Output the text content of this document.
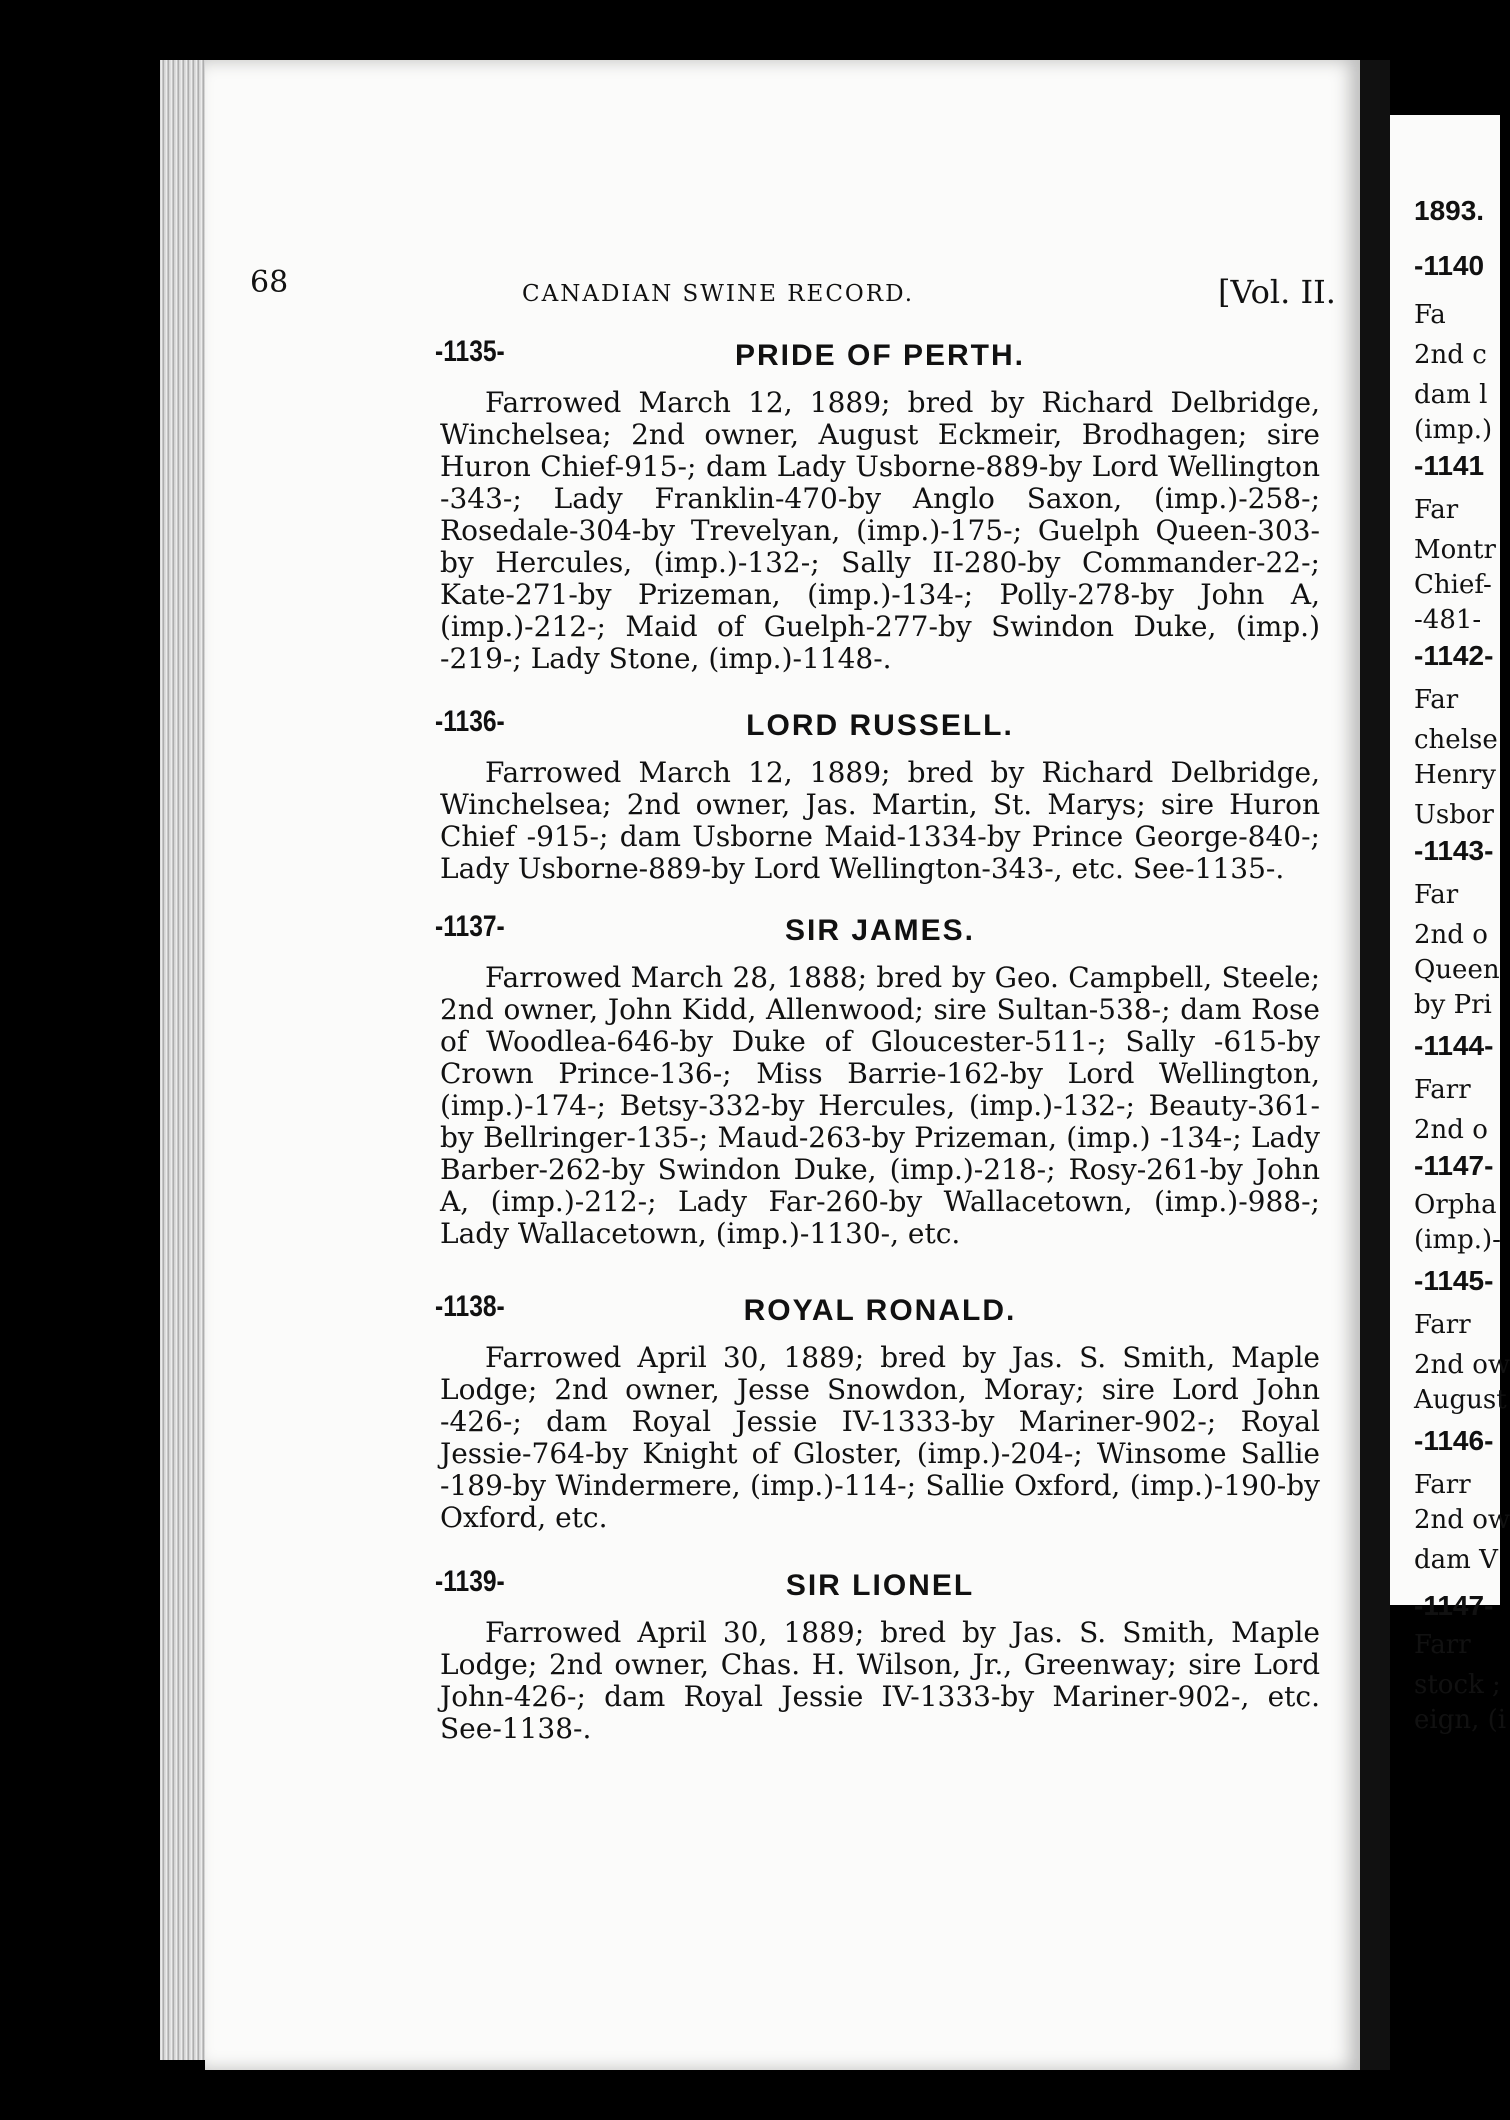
68	CANADIAN SWINE RECORD.	[Vol. II.
-1135-	PRIDE OF PERTH.

Farrowed March 12, 1889; bred by Richard Delbridge, Winchelsea; 2nd owner, August Eckmeir, Brodhagen; sire Huron Chief-915-; dam Lady Usborne-889-by Lord Wellington -343-; Lady Franklin-470-by Anglo Saxon, (imp.)-258-; Rosedale-304-by Trevelyan, (imp.)-175-; Guelph Queen-303-by Hercules, (imp.)-132-; Sally II-280-by Commander-22-; Kate-271-by Prizeman, (imp.)-134-; Polly-278-by John A, (imp.)-212-; Maid of Guelph-277-by Swindon Duke, (imp.) -219-; Lady Stone, (imp.)-1148-.

-1136-	LORD RUSSELL.

Farrowed March 12, 1889; bred by Richard Delbridge, Winchelsea; 2nd owner, Jas. Martin, St. Marys; sire Huron Chief -915-; dam Usborne Maid-1334-by Prince George-840-; Lady Usborne-889-by Lord Wellington-343-, etc. See-1135-.

-1137-	SIR JAMES.

Farrowed March 28, 1888; bred by Geo. Campbell, Steele; 2nd owner, John Kidd, Allenwood; sire Sultan-538-; dam Rose of Woodlea-646-by Duke of Gloucester-511-; Sally -615-by Crown Prince-136-; Miss Barrie-162-by Lord Wellington, (imp.)-174-; Betsy-332-by Hercules, (imp.)-132-; Beauty-361-by Bellringer-135-; Maud-263-by Prizeman, (imp.) -134-; Lady Barber-262-by Swindon Duke, (imp.)-218-; Rosy-261-by John A, (imp.)-212-; Lady Far-260-by Wallacetown, (imp.)-988-; Lady Wallacetown, (imp.)-1130-, etc.

-1138-	ROYAL RONALD.

Farrowed April 30, 1889; bred by Jas. S. Smith, Maple Lodge; 2nd owner, Jesse Snowdon, Moray; sire Lord John -426-; dam Royal Jessie IV-1333-by Mariner-902-; Royal Jessie-764-by Knight of Gloster, (imp.)-204-; Winsome Sallie -189-by Windermere, (imp.)-114-; Sallie Oxford, (imp.)-190-by Oxford, etc.

-1139-	SIR LIONEL

Farrowed April 30, 1889; bred by Jas. S. Smith, Maple Lodge; 2nd owner, Chas. H. Wilson, Jr., Greenway; sire Lord John-426-; dam Royal Jessie IV-1333-by Mariner-902-, etc. See-1138-.

1893.
-1140
Fa
2nd c
dam l
(imp.)
-1141
Far
Montr
Chief-
-481-
-1142-
Far
chelse
Henry
Usbor
-1143-
Far
2nd o
Queen
by Pri
-1144-
Farr
2nd o
-1147-
Orpha
(imp.)-
-1145-
Farr
2nd ow
August
-1146-
Farr
2nd ow
dam V
-1147-
Farr
stock ;
eign, (i
